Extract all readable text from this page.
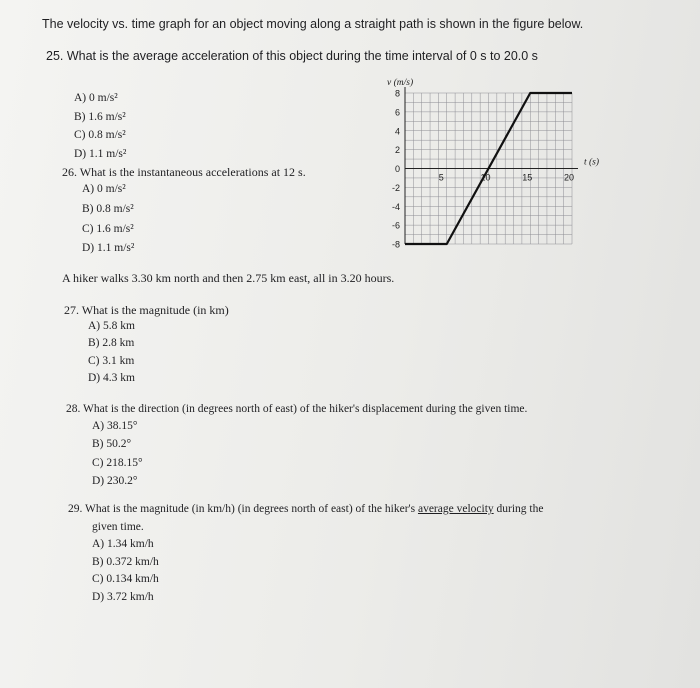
The velocity vs. time graph for an object moving along a straight path is shown in the figure below.
25. What is the average acceleration of this object during the time interval of 0 s to 20.0 s
A) 0 m/s²
B) 1.6 m/s²
C) 0.8 m/s²
D) 1.1 m/s²
26. What is the instantaneous accelerations at 12 s.
A) 0 m/s²
B) 0.8 m/s²
C) 1.6 m/s²
D) 1.1 m/s²
5	10	15	20
8
6
4
2
0
-2
-4
-6
-8
v (m/s)
t (s)
A hiker walks 3.30 km north and then 2.75 km east, all in 3.20 hours.
27. What is the magnitude (in km)
A) 5.8 km
B) 2.8 km
C) 3.1 km
D) 4.3 km
28. What is the direction (in degrees north of east) of the hiker's displacement during the given time.
A) 38.15°
B) 50.2°
C) 218.15°
D) 230.2°
29. What is the magnitude (in km/h) (in degrees north of east) of the hiker's average velocity during the
given time.
A) 1.34 km/h
B) 0.372 km/h
C) 0.134 km/h
D) 3.72 km/h
